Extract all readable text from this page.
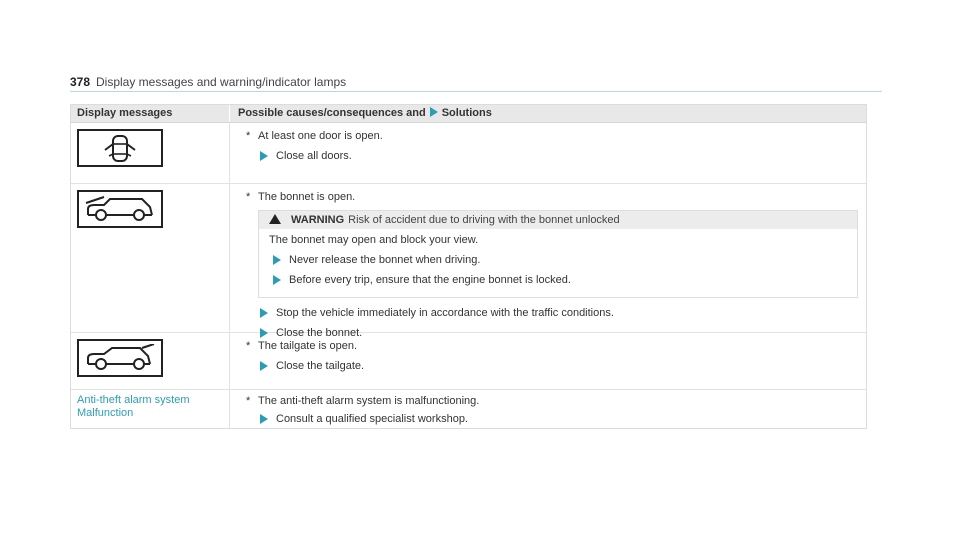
378 Display messages and warning/indicator lamps
Display messages	Possible causes/consequences and Solutions
* At least one door is open.
Close all doors.
* The bonnet is open.
WARNING Risk of accident due to driving with the bonnet unlocked
The bonnet may open and block your view.
Never release the bonnet when driving.
Before every trip, ensure that the engine bonnet is locked.
Stop the vehicle immediately in accordance with the traffic conditions.
Close the bonnet.
* The tailgate is open.
Close the tailgate.
Anti-theft alarm system
Malfunction
* The anti-theft alarm system is malfunctioning.
Consult a qualified specialist workshop.
